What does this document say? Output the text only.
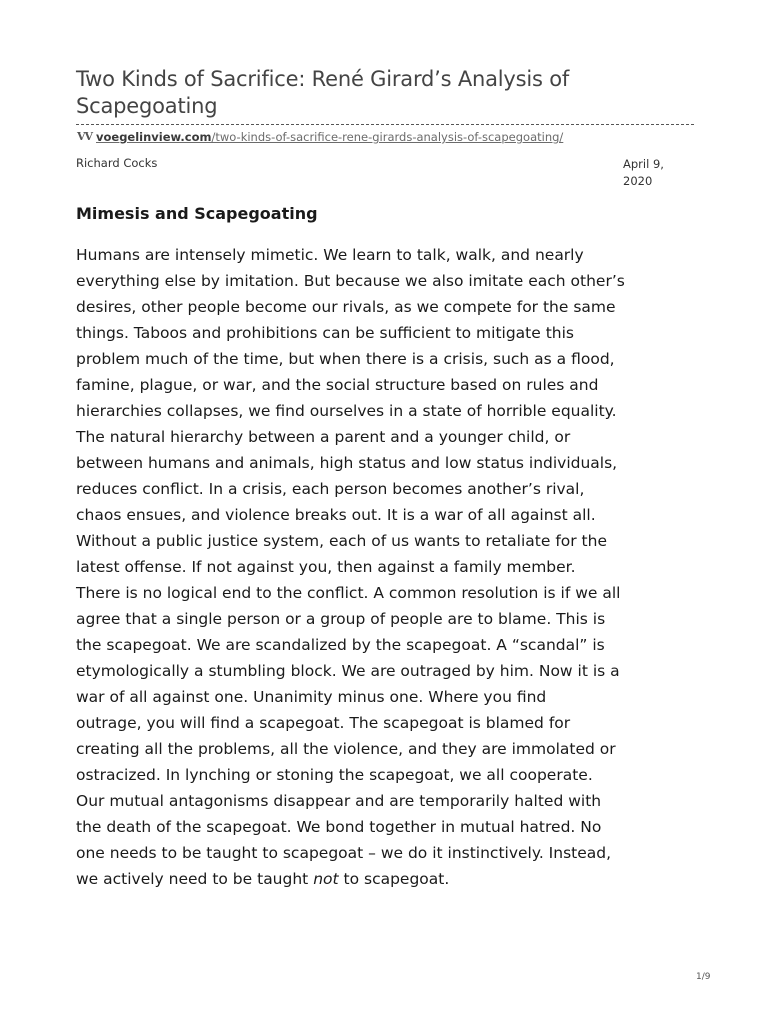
Two Kinds of Sacrifice: René Girard’s Analysis of Scapegoating
VV voegelinview.com/two-kinds-of-sacrifice-rene-girards-analysis-of-scapegoating/
Richard Cocks	April 9, 2020
Mimesis and Scapegoating

Humans are intensely mimetic. We learn to talk, walk, and nearly
everything else by imitation. But because we also imitate each other’s
desires, other people become our rivals, as we compete for the same
things. Taboos and prohibitions can be sufficient to mitigate this
problem much of the time, but when there is a crisis, such as a flood,
famine, plague, or war, and the social structure based on rules and
hierarchies collapses, we find ourselves in a state of horrible equality.
The natural hierarchy between a parent and a younger child, or
between humans and animals, high status and low status individuals,
reduces conflict. In a crisis, each person becomes another’s rival,
chaos ensues, and violence breaks out. It is a war of all against all.
Without a public justice system, each of us wants to retaliate for the
latest offense. If not against you, then against a family member.
There is no logical end to the conflict. A common resolution is if we all
agree that a single person or a group of people are to blame. This is
the scapegoat. We are scandalized by the scapegoat. A “scandal” is
etymologically a stumbling block. We are outraged by him. Now it is a
war of all against one. Unanimity minus one. Where you find
outrage, you will find a scapegoat. The scapegoat is blamed for
creating all the problems, all the violence, and they are immolated or
ostracized. In lynching or stoning the scapegoat, we all cooperate.
Our mutual antagonisms disappear and are temporarily halted with
the death of the scapegoat. We bond together in mutual hatred. No
one needs to be taught to scapegoat – we do it instinctively. Instead,
we actively need to be taught not to scapegoat.

1/9
